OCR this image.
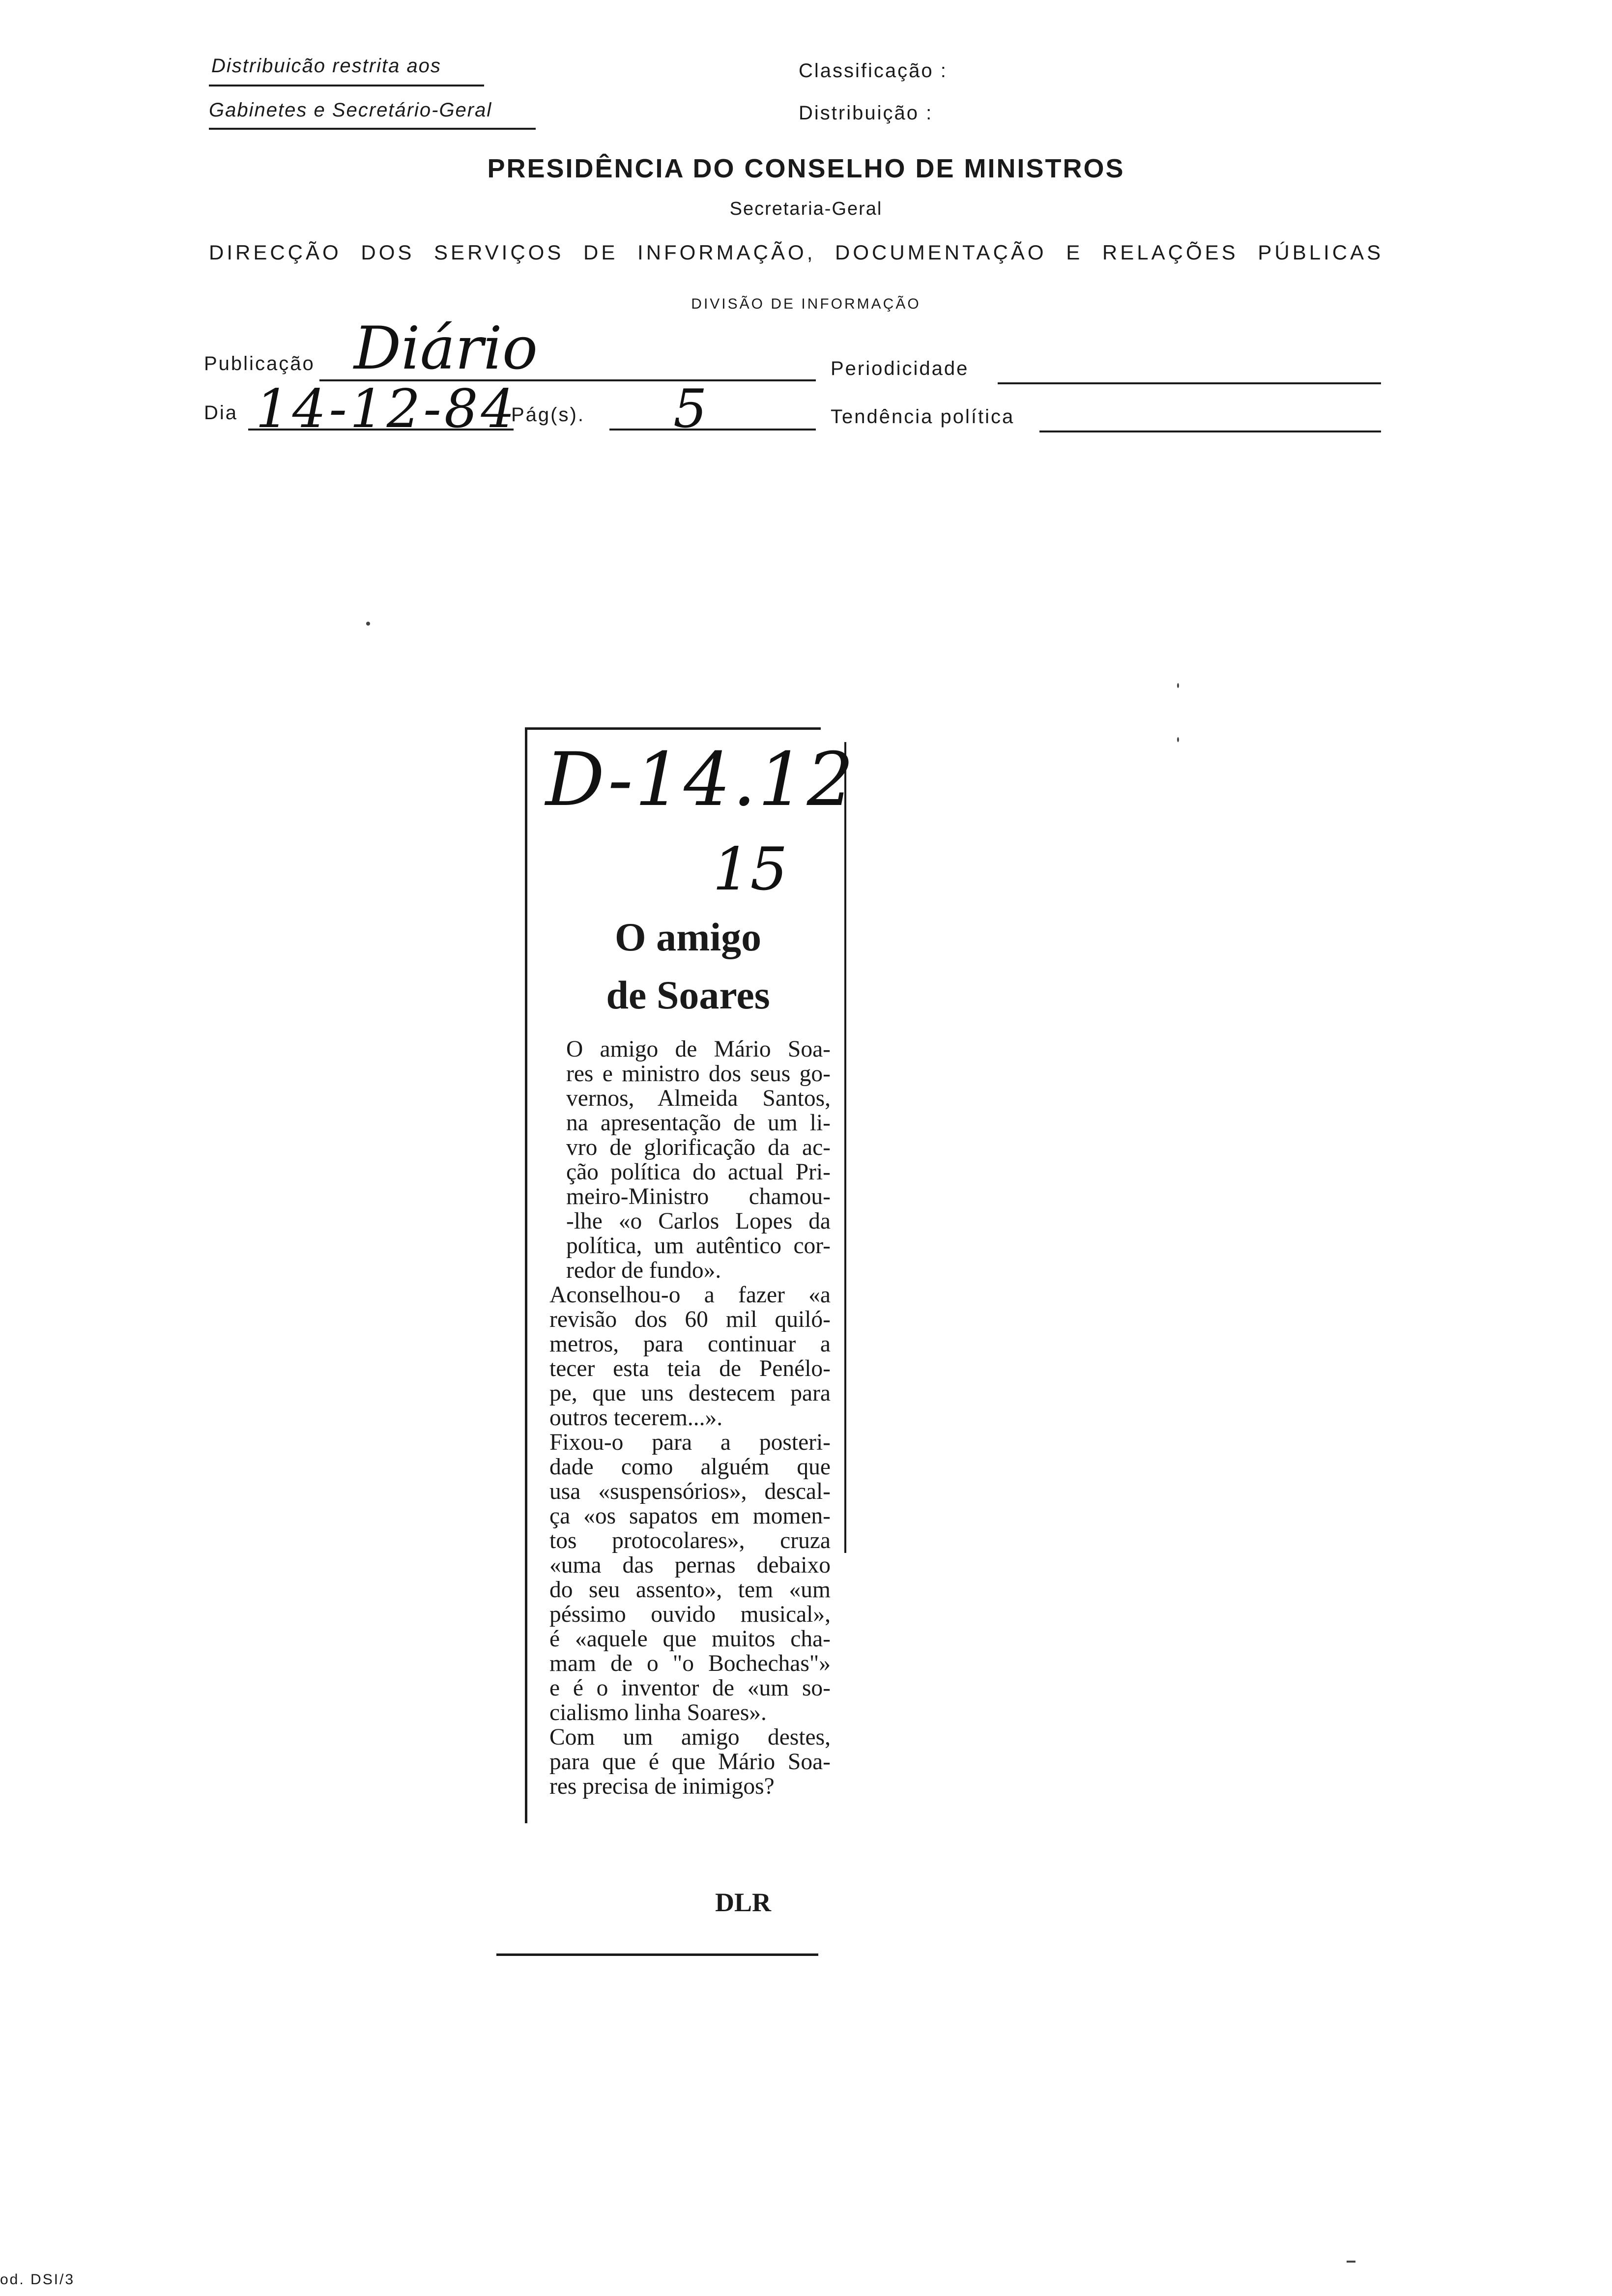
Distribuicão restrita aos
Gabinetes e Secretário-Geral
Classificação :
Distribuição :
PRESIDÊNCIA DO CONSELHO DE MINISTROS
Secretaria-Geral
DIRECÇÃO DOS SERVIÇOS DE INFORMAÇÃO, DOCUMENTAÇÃO E RELAÇÕES PÚBLICAS
DIVISÃO DE INFORMAÇÃO
Publicação Diário	Periodicidade
Dia 14-12-84
Pág(s). 5	Tendência política
D-14.12
15
O amigo
de Soares

O amigo de Mário Soa-
res e ministro dos seus go-
vernos, Almeida Santos,
na apresentação de um li-
vro de glorificação da ac-
ção política do actual Pri-
meiro-Ministro chamou-
-lhe «o Carlos Lopes da
política, um autêntico cor-
redor de fundo».

Aconselhou-o a fazer «a
revisão dos 60 mil quiló-
metros, para continuar a
tecer esta teia de Penélo-
pe, que uns destecem para
outros tecerem...».

Fixou-o para a posteri-
dade como alguém que
usa «suspensórios», descal-
ça «os sapatos em momen-
tos protocolares», cruza
«uma das pernas debaixo
do seu assento», tem «um
péssimo ouvido musical»,
é «aquele que muitos cha-
mam de o "o Bochechas"»
e é o inventor de «um so-
cialismo linha Soares».

Com um amigo destes,
para que é que Mário Soa-
res precisa de inimigos?

DLR
od. DSI/3
